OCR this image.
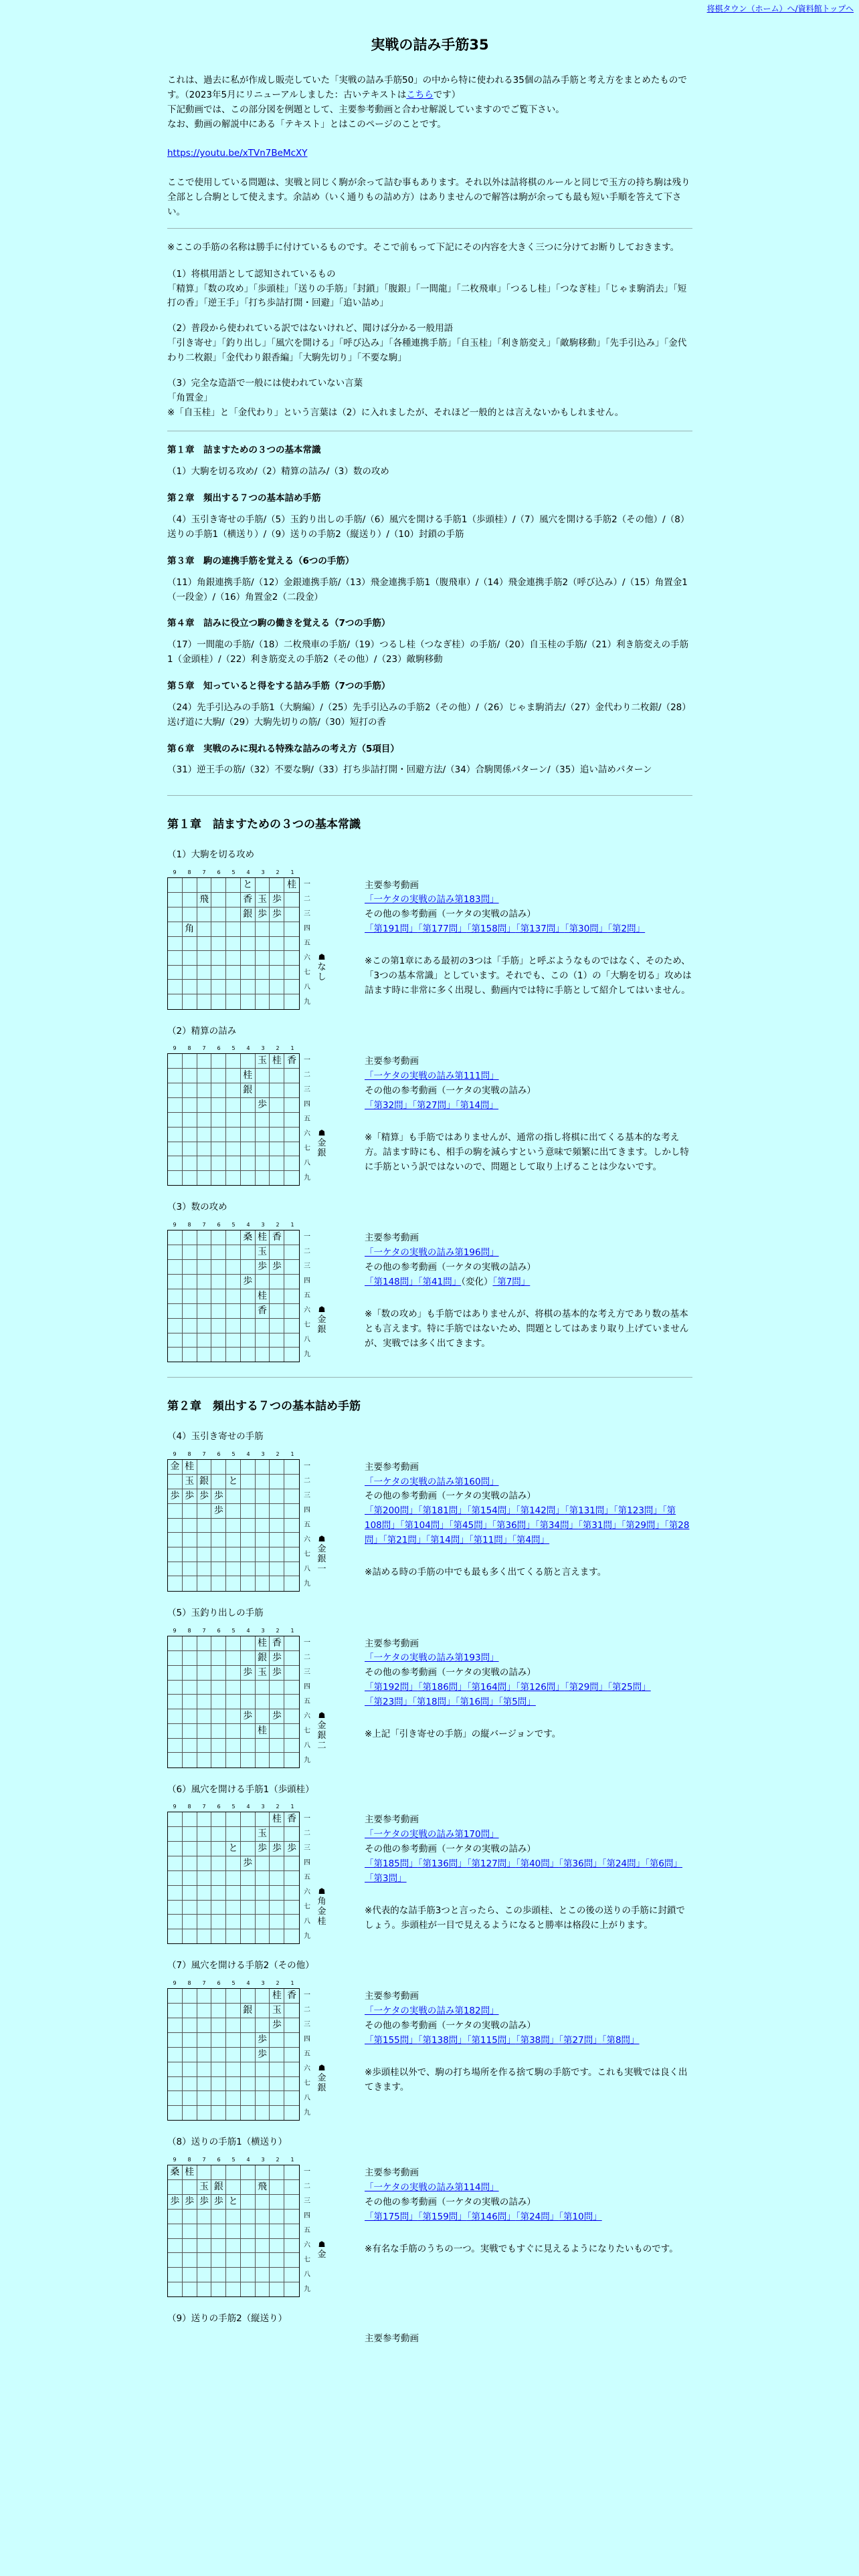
将棋タウン（ホーム）へ/資料館トップへ
実戦の詰み手筋35

これは、過去に私が作成し販売していた「実戦の詰み手筋50」の中から特に使われる35個の詰み手筋と考え方をまとめたものです。（2023年5月にリニューアルしました：古いテキストはこちらです）
下記動画では、この部分図を例題として、主要参考動画と合わせ解説していますのでご覧下さい。
なお、動画の解説中にある「テキスト」とはこのページのことです。

https://youtu.be/xTVn7BeMcXY

ここで使用している問題は、実戦と同じく駒が余って詰む事もあります。それ以外は詰将棋のルールと同じで玉方の持ち駒は残り全部とし合駒として使えます。余詰め（いく通りもの詰め方）はありませんので解答は駒が余っても最も短い手順を答えて下さい。

※ここの手筋の名称は勝手に付けているものです。そこで前もって下記にその内容を大きく三つに分けてお断りしておきます。

（1）将棋用語として認知されているもの
「精算」「数の攻め」「歩頭桂」「送りの手筋」「封鎖」「腹銀」「一間龍」「二枚飛車」「つるし桂」「つなぎ桂」「じゃま駒消去」「短打の香」「逆王手」「打ち歩詰打開・回避」「追い詰め」
（2）普段から使われている訳ではないけれど、聞けば分かる一般用語
「引き寄せ」「釣り出し」「風穴を開ける」「呼び込み」「各種連携手筋」「自玉桂」「利き筋変え」「敵駒移動」「先手引込み」「金代わり二枚銀」「金代わり銀香編」「大駒先切り」「不要な駒」
（3）完全な造語で一般には使われていない言葉
「角置金」
※「自玉桂」と「金代わり」という言葉は（2）に入れましたが、それほど一般的とは言えないかもしれません。
第１章　詰ますための３つの基本常識
（1）大駒を切る攻め/（2）精算の詰み/（3）数の攻め
第２章　頻出する７つの基本詰め手筋
（4）玉引き寄せの手筋/（5）玉釣り出しの手筋/（6）風穴を開ける手筋1（歩頭桂）/（7）風穴を開ける手筋2（その他）/（8）送りの手筋1（横送り）/（9）送りの手筋2（縦送り）/（10）封鎖の手筋
第３章　駒の連携手筋を覚える（6つの手筋）
（11）角銀連携手筋/（12）金銀連携手筋/（13）飛金連携手筋1（腹飛車）/（14）飛金連携手筋2（呼び込み）/（15）角置金1（一段金）/（16）角置金2（二段金）
第４章　詰みに役立つ駒の働きを覚える（7つの手筋）
（17）一間龍の手筋/（18）二枚飛車の手筋/（19）つるし桂（つなぎ桂）の手筋/（20）自玉桂の手筋/（21）利き筋変えの手筋1（金頭桂）/（22）利き筋変えの手筋2（その他）/（23）敵駒移動
第５章　知っていると得をする詰み手筋（7つの手筋）
（24）先手引込みの手筋1（大駒編）/（25）先手引込みの手筋2（その他）/（26）じゃま駒消去/（27）金代わり二枚銀/（28）送げ道に大駒/（29）大駒先切りの筋/（30）短打の香
第６章　実戦のみに現れる特殊な詰みの考え方（5項目）
（31）逆王手の筋/（32）不要な駒/（33）打ち歩詰打開・回避方法/（34）合駒関係パターン/（35）追い詰めパターン
第１章　詰ますための３つの基本常識
（1）大駒を切る攻め
9	8	7	6	5	4	3	2	1
と	桂
飛	香 玉 歩
銀 歩 歩
角
一
二
三
四
五
六
七
八
九
☗
なし

主要参考動画

「一ケタの実戦の詰み第183問」

その他の参考動画（一ケタの実戦の詰み）

「第191問」「第177問」「第158問」「第137問」「第30問」「第2問」

※この第1章にある最初の3つは「手筋」と呼ぶようなものではなく、そのため、「3つの基本常識」としています。それでも、この（1）の「大駒を切る」攻めは詰ます時に非常に多く出現し、動画内では特に手筋として紹介してはいません。

（2）精算の詰み
9	8	7	6	5	4	3	2	1
玉 桂 香
桂
銀
歩
一
二
三
四
五
六
七
八
九
☗
金銀

主要参考動画

「一ケタの実戦の詰み第111問」

その他の参考動画（一ケタの実戦の詰み）

「第32問」「第27問」「第14問」

※「精算」も手筋ではありませんが、通常の指し将棋に出てくる基本的な考え方。詰ます時にも、相手の駒を減らすという意味で頻繁に出てきます。しかし特に手筋という訳ではないので、問題として取り上げることは少ないです。

（3）数の攻め
9	8	7	6	5	4	3	2	1
桑 桂 香
玉
歩 歩
歩
桂
香
一
二
三
四
五
六
七
八
九
☗
金銀

主要参考動画

「一ケタの実戦の詰み第196問」

その他の参考動画（一ケタの実戦の詰み）

「第148問」「第41問」（変化）「第7問」

※「数の攻め」も手筋ではありませんが、将棋の基本的な考え方であり数の基本とも言えます。特に手筋ではないため、問題としてはあまり取り上げていませんが、実戦では多く出てきます。

第２章　頻出する７つの基本詰め手筋
（4）玉引き寄せの手筋
9	8	7	6	5	4	3	2	1
金 桂
玉 銀	と
歩 歩 歩 歩
歩
一
二
三
四
五
六
七
八
九
☗
金銀一

主要参考動画

「一ケタの実戦の詰み第160問」

その他の参考動画（一ケタの実戦の詰み）

「第200問」「第181問」「第154問」「第142問」「第131問」「第123問」「第108問」「第104問」「第45問」「第36問」「第34問」「第31問」「第29問」「第28問」「第21問」「第14問」「第11問」「第4問」

※詰める時の手筋の中でも最も多く出てくる筋と言えます。

（5）玉釣り出しの手筋
9	8	7	6	5	4	3	2	1
桂 香
銀 歩
歩 玉 歩
歩	歩
桂
一
二
三
四
五
六
七
八
九
☗
金銀二

主要参考動画

「一ケタの実戦の詰み第193問」

その他の参考動画（一ケタの実戦の詰み）

「第192問」「第186問」「第164問」「第126問」「第29問」「第25問」「第23問」「第18問」「第16問」「第5問」

※上記「引き寄せの手筋」の縦バージョンです。

（6）風穴を開ける手筋1（歩頭桂）
9	8	7	6	5	4	3	2	1
桂 香
玉
と	歩 歩 歩
歩
一
二
三
四
五
六
七
八
九
☗
角金桂

主要参考動画

「一ケタの実戦の詰み第170問」

その他の参考動画（一ケタの実戦の詰み）

「第185問」「第136問」「第127問」「第40問」「第36問」「第24問」「第6問」「第3問」

※代表的な詰手筋3つと言ったら、この歩頭桂、とこの後の送りの手筋に封鎖でしょう。歩頭桂が一目で見えるようになると勝率は格段に上がります。

（7）風穴を開ける手筋2（その他）
9	8	7	6	5	4	3	2	1
桂 香
銀	玉
歩
歩
歩
一
二
三
四
五
六
七
八
九
☗
金銀

主要参考動画

「一ケタの実戦の詰み第182問」

その他の参考動画（一ケタの実戦の詰み）

「第155問」「第138問」「第115問」「第38問」「第27問」「第8問」

※歩頭桂以外で、駒の打ち場所を作る捨て駒の手筋です。これも実戦では良く出てきます。

（8）送りの手筋1（横送り）
9	8	7	6	5	4	3	2	1
桑 桂
玉 銀	飛
歩 歩 歩 歩 と
一
二
三
四
五
六
七
八
九
☗
金

主要参考動画

「一ケタの実戦の詰み第114問」

その他の参考動画（一ケタの実戦の詰み）

「第175問」「第159問」「第146問」「第24問」「第10問」

※有名な手筋のうちの一つ。実戦でもすぐに見えるようになりたいものです。

（9）送りの手筋2（縦送り）
主要参考動画
